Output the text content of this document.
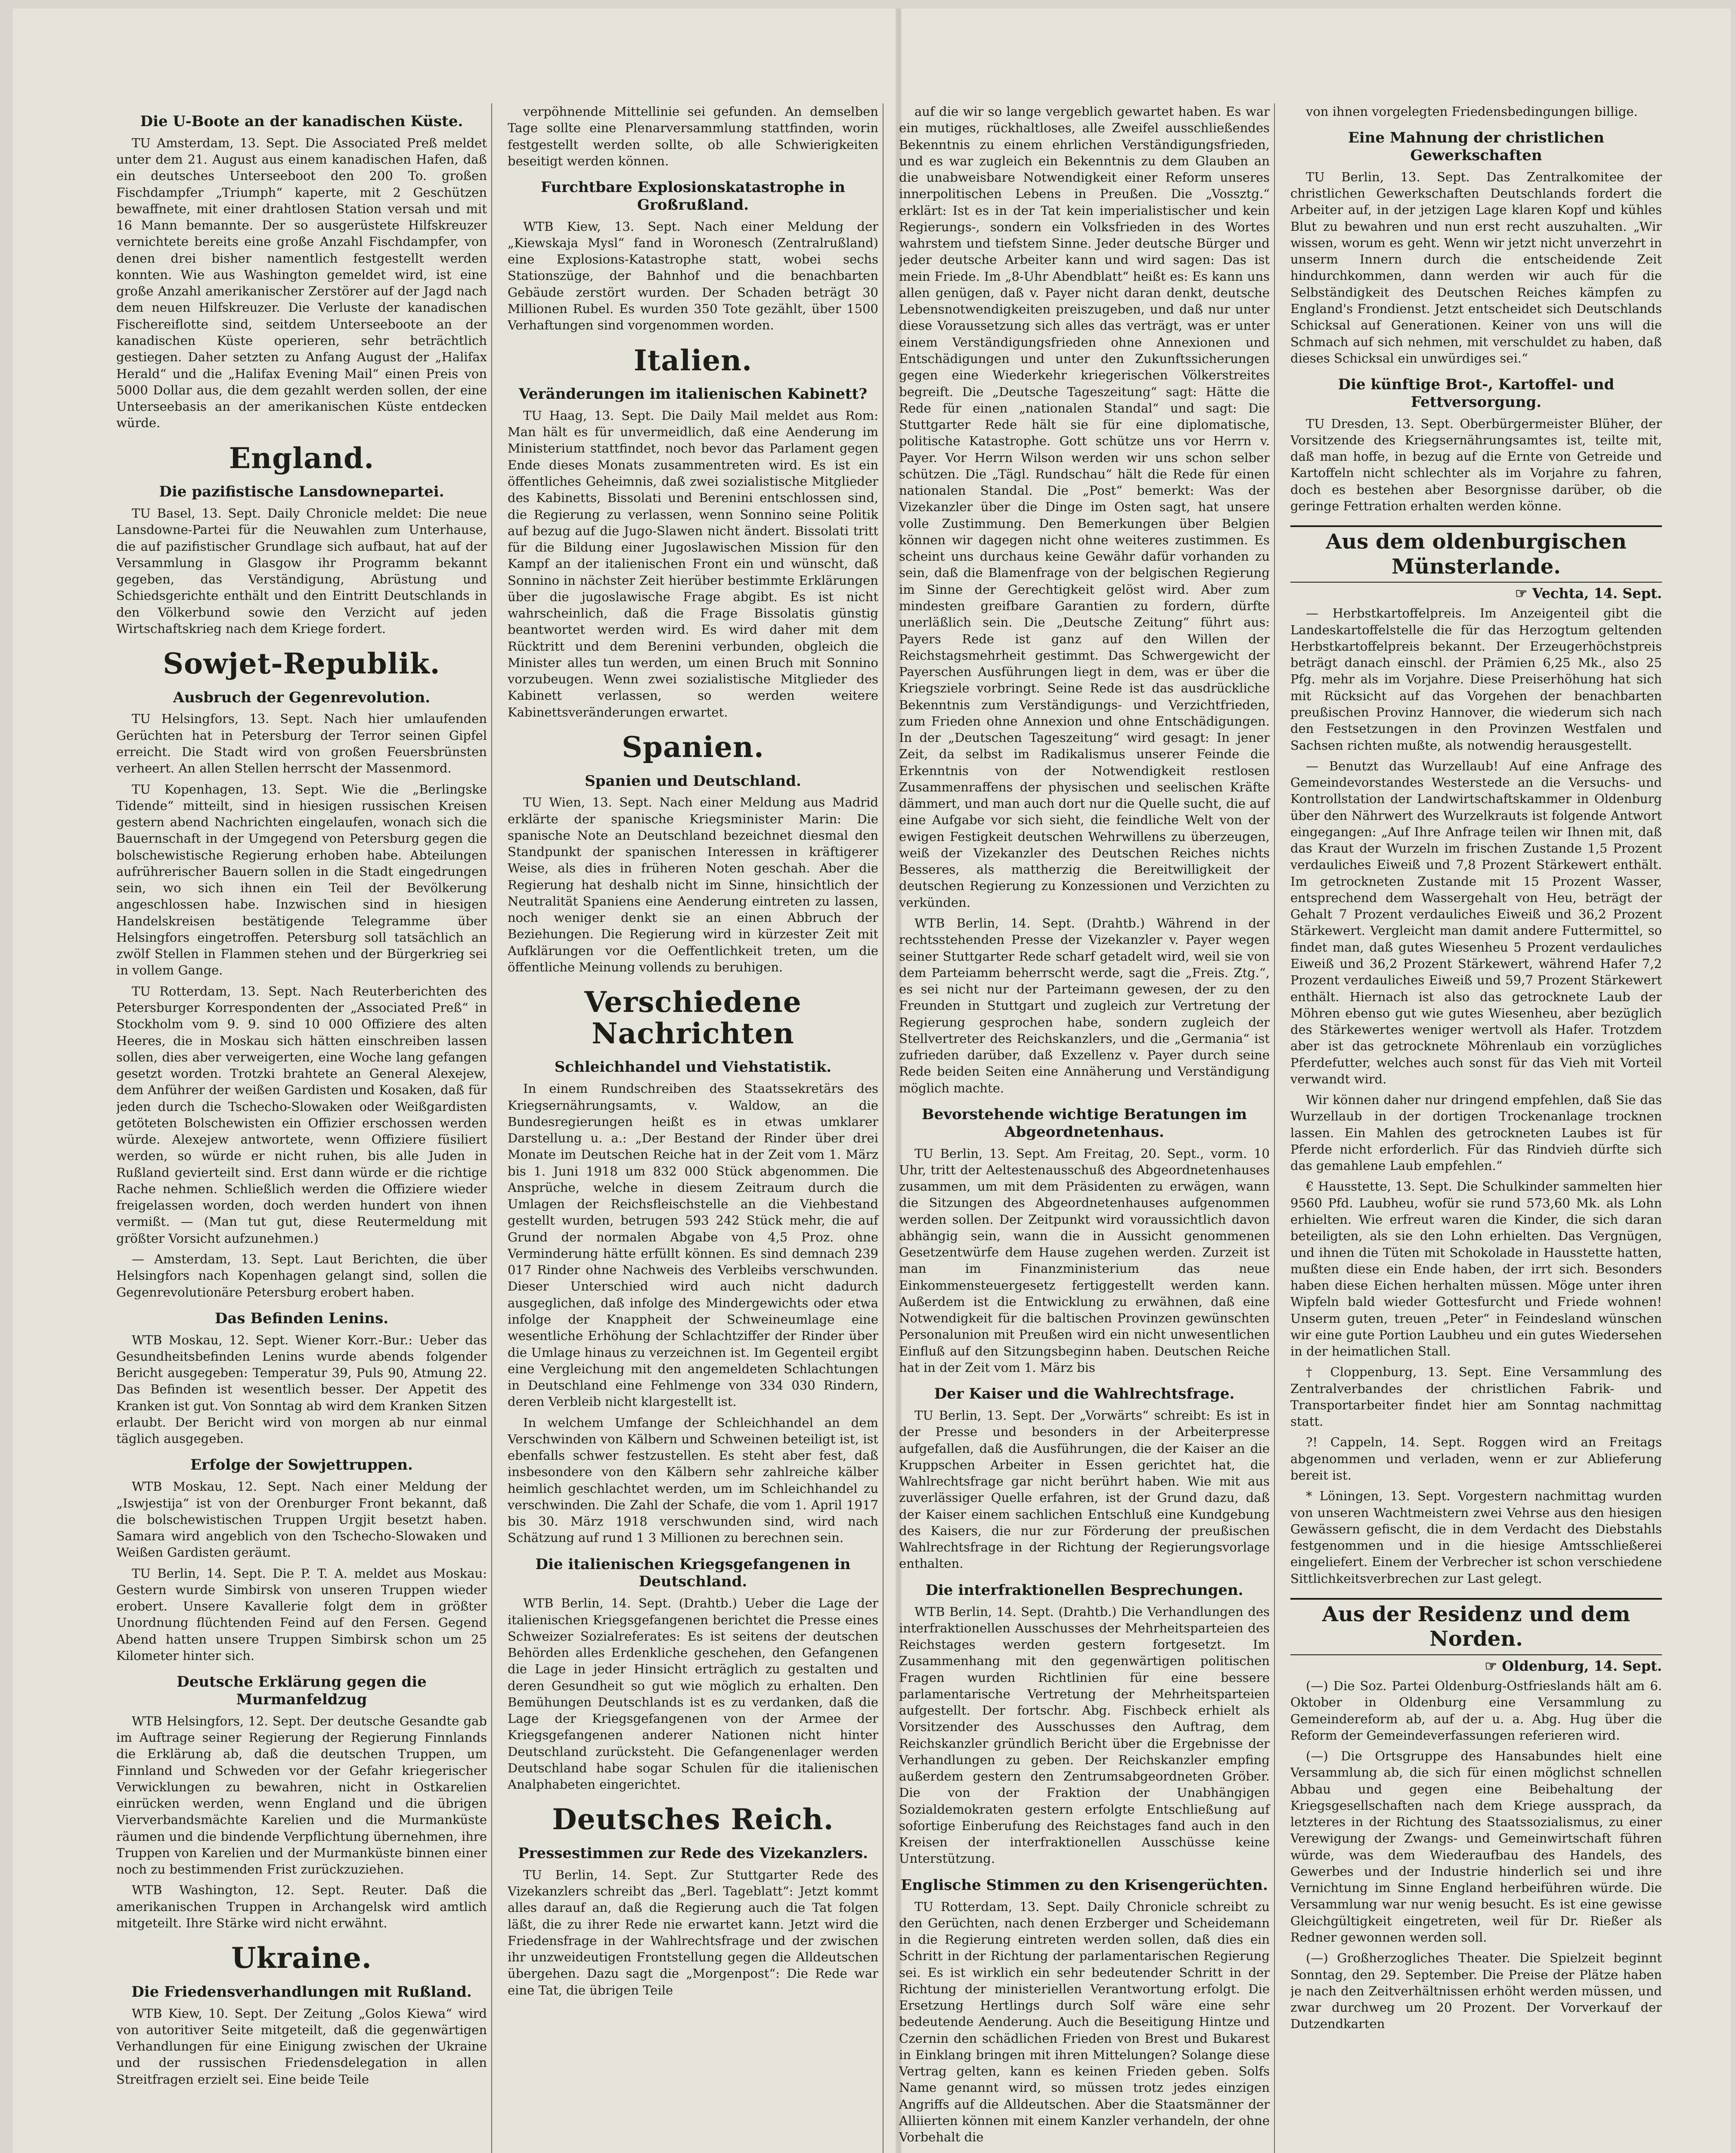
Die U-Boote an der kanadischen Küste.

TU Amsterdam, 13. Sept. Die Associated Preß meldet unter dem 21. August aus einem kanadischen Hafen, daß ein deutsches Unterseeboot den 200 To. großen Fischdampfer „Triumph“ kaperte, mit 2 Geschützen bewaffnete, mit einer drahtlosen Station versah und mit 16 Mann bemannte. Der so ausgerüstete Hilfskreuzer vernichtete bereits eine große Anzahl Fischdampfer, von denen drei bisher namentlich festgestellt werden konnten. Wie aus Washington gemeldet wird, ist eine große Anzahl amerikanischer Zerstörer auf der Jagd nach dem neuen Hilfskreuzer. Die Verluste der kanadischen Fischereiflotte sind, seitdem Unterseeboote an der kanadischen Küste operieren, sehr beträchtlich gestiegen. Daher setzten zu Anfang August der „Halifax Herald“ und die „Halifax Evening Mail“ einen Preis von 5000 Dollar aus, die dem gezahlt werden sollen, der eine Unterseebasis an der amerikanischen Küste entdecken würde.

England.
Die pazifistische Lansdownepartei.

TU Basel, 13. Sept. Daily Chronicle meldet: Die neue Lansdowne-Partei für die Neuwahlen zum Unterhause, die auf pazifistischer Grundlage sich aufbaut, hat auf der Versammlung in Glasgow ihr Programm bekannt gegeben, das Verständigung, Abrüstung und Schiedsgerichte enthält und den Eintritt Deutschlands in den Völkerbund sowie den Verzicht auf jeden Wirtschaftskrieg nach dem Kriege fordert.

Sowjet-Republik.
Ausbruch der Gegenrevolution.

TU Helsingfors, 13. Sept. Nach hier umlaufenden Gerüchten hat in Petersburg der Terror seinen Gipfel erreicht. Die Stadt wird von großen Feuersbrünsten verheert. An allen Stellen herrscht der Massenmord.

TU Kopenhagen, 13. Sept. Wie die „Berlingske Tidende“ mitteilt, sind in hiesigen russischen Kreisen gestern abend Nachrichten eingelaufen, wonach sich die Bauernschaft in der Umgegend von Petersburg gegen die bolschewistische Regierung erhoben habe. Abteilungen aufrührerischer Bauern sollen in die Stadt eingedrungen sein, wo sich ihnen ein Teil der Bevölkerung angeschlossen habe. Inzwischen sind in hiesigen Handelskreisen bestätigende Telegramme über Helsingfors eingetroffen. Petersburg soll tatsächlich an zwölf Stellen in Flammen stehen und der Bürgerkrieg sei in vollem Gange.

TU Rotterdam, 13. Sept. Nach Reuterberichten des Petersburger Korrespondenten der „Associated Preß“ in Stockholm vom 9. 9. sind 10 000 Offiziere des alten Heeres, die in Moskau sich hätten einschreiben lassen sollen, dies aber verweigerten, eine Woche lang gefangen gesetzt worden. Trotzki brahtete an General Alexejew, dem Anführer der weißen Gardisten und Kosaken, daß für jeden durch die Tschecho-Slowaken oder Weißgardisten getöteten Bolschewisten ein Offizier erschossen werden würde. Alexejew antwortete, wenn Offiziere füsiliert werden, so würde er nicht ruhen, bis alle Juden in Rußland gevierteilt sind. Erst dann würde er die richtige Rache nehmen. Schließlich werden die Offiziere wieder freigelassen worden, doch werden hundert von ihnen vermißt. — (Man tut gut, diese Reutermeldung mit größter Vorsicht aufzunehmen.)

— Amsterdam, 13. Sept. Laut Berichten, die über Helsingfors nach Kopenhagen gelangt sind, sollen die Gegenrevolutionäre Petersburg erobert haben.

Das Befinden Lenins.

WTB Moskau, 12. Sept. Wiener Korr.-Bur.: Ueber das Gesundheitsbefinden Lenins wurde abends folgender Bericht ausgegeben: Temperatur 39, Puls 90, Atmung 22. Das Befinden ist wesentlich besser. Der Appetit des Kranken ist gut. Von Sonntag ab wird dem Kranken Sitzen erlaubt. Der Bericht wird von morgen ab nur einmal täglich ausgegeben.

Erfolge der Sowjettruppen.

WTB Moskau, 12. Sept. Nach einer Meldung der „Iswjestija“ ist von der Orenburger Front bekannt, daß die bolschewistischen Truppen Urgjit besetzt haben. Samara wird angeblich von den Tschecho-Slowaken und Weißen Gardisten geräumt.

TU Berlin, 14. Sept. Die P. T. A. meldet aus Moskau: Gestern wurde Simbirsk von unseren Truppen wieder erobert. Unsere Kavallerie folgt dem in größter Unordnung flüchtenden Feind auf den Fersen. Gegend Abend hatten unsere Truppen Simbirsk schon um 25 Kilometer hinter sich.

Deutsche Erklärung gegen die Murmanfeldzug

WTB Helsingfors, 12. Sept. Der deutsche Gesandte gab im Auftrage seiner Regierung der Regierung Finnlands die Erklärung ab, daß die deutschen Truppen, um Finnland und Schweden vor der Gefahr kriegerischer Verwicklungen zu bewahren, nicht in Ostkarelien einrücken werden, wenn England und die übrigen Vierverbandsmächte Karelien und die Murmanküste räumen und die bindende Verpflichtung übernehmen, ihre Truppen von Karelien und der Murmanküste binnen einer noch zu bestimmenden Frist zurückzuziehen.

WTB Washington, 12. Sept. Reuter. Daß die amerikanischen Truppen in Archangelsk wird amtlich mitgeteilt. Ihre Stärke wird nicht erwähnt.

Ukraine.
Die Friedensverhandlungen mit Rußland.

WTB Kiew, 10. Sept. Der Zeitung „Golos Kiewa“ wird von autoritiver Seite mitgeteilt, daß die gegenwärtigen Verhandlungen für eine Einigung zwischen der Ukraine und der russischen Friedensdelegation in allen Streitfragen erzielt sei. Eine beide Teile

verpöhnende Mittellinie sei gefunden. An demselben Tage sollte eine Plenarversammlung stattfinden, worin festgestellt werden sollte, ob alle Schwierigkeiten beseitigt werden können.

Furchtbare Explosionskatastrophe in Großrußland.

WTB Kiew, 13. Sept. Nach einer Meldung der „Kiewskaja Mysl“ fand in Woronesch (Zentralrußland) eine Explosions-Katastrophe statt, wobei sechs Stationszüge, der Bahnhof und die benachbarten Gebäude zerstört wurden. Der Schaden beträgt 30 Millionen Rubel. Es wurden 350 Tote gezählt, über 1500 Verhaftungen sind vorgenommen worden.

Italien.
Veränderungen im italienischen Kabinett?

TU Haag, 13. Sept. Die Daily Mail meldet aus Rom: Man hält es für unvermeidlich, daß eine Aenderung im Ministerium stattfindet, noch bevor das Parlament gegen Ende dieses Monats zusammentreten wird. Es ist ein öffentliches Geheimnis, daß zwei sozialistische Mitglieder des Kabinetts, Bissolati und Berenini entschlossen sind, die Regierung zu verlassen, wenn Sonnino seine Politik auf bezug auf die Jugo-Slawen nicht ändert. Bissolati tritt für die Bildung einer Jugoslawischen Mission für den Kampf an der italienischen Front ein und wünscht, daß Sonnino in nächster Zeit hierüber bestimmte Erklärungen über die jugoslawische Frage abgibt. Es ist nicht wahrscheinlich, daß die Frage Bissolatis günstig beantwortet werden wird. Es wird daher mit dem Rücktritt und dem Berenini verbunden, obgleich die Minister alles tun werden, um einen Bruch mit Sonnino vorzubeugen. Wenn zwei sozialistische Mitglieder des Kabinett verlassen, so werden weitere Kabinettsveränderungen erwartet.

Spanien.
Spanien und Deutschland.

TU Wien, 13. Sept. Nach einer Meldung aus Madrid erklärte der spanische Kriegsminister Marin: Die spanische Note an Deutschland bezeichnet diesmal den Standpunkt der spanischen Interessen in kräftigerer Weise, als dies in früheren Noten geschah. Aber die Regierung hat deshalb nicht im Sinne, hinsichtlich der Neutralität Spaniens eine Aenderung eintreten zu lassen, noch weniger denkt sie an einen Abbruch der Beziehungen. Die Regierung wird in kürzester Zeit mit Aufklärungen vor die Oeffentlichkeit treten, um die öffentliche Meinung vollends zu beruhigen.

Verschiedene Nachrichten
Schleichhandel und Viehstatistik.

In einem Rundschreiben des Staatssekretärs des Kriegsernährungsamts, v. Waldow, an die Bundesregierungen heißt es in etwas umklarer Darstellung u. a.: „Der Bestand der Rinder über drei Monate im Deutschen Reiche hat in der Zeit vom 1. März bis 1. Juni 1918 um 832 000 Stück abgenommen. Die Ansprüche, welche in diesem Zeitraum durch die Umlagen der Reichsfleischstelle an die Viehbestand gestellt wurden, betrugen 593 242 Stück mehr, die auf Grund der normalen Abgabe von 4,5 Proz. ohne Verminderung hätte erfüllt können. Es sind demnach 239 017 Rinder ohne Nachweis des Verbleibs verschwunden. Dieser Unterschied wird auch nicht dadurch ausgeglichen, daß infolge des Mindergewichts oder etwa infolge der Knappheit der Schweineumlage eine wesentliche Erhöhung der Schlachtziffer der Rinder über die Umlage hinaus zu verzeichnen ist. Im Gegenteil ergibt eine Vergleichung mit den angemeldeten Schlachtungen in Deutschland eine Fehlmenge von 334 030 Rindern, deren Verbleib nicht klargestellt ist.

In welchem Umfange der Schleichhandel an dem Verschwinden von Kälbern und Schweinen beteiligt ist, ist ebenfalls schwer festzustellen. Es steht aber fest, daß insbesondere von den Kälbern sehr zahlreiche kälber heimlich geschlachtet werden, um im Schleichhandel zu verschwinden. Die Zahl der Schafe, die vom 1. April 1917 bis 30. März 1918 verschwunden sind, wird nach Schätzung auf rund 1 3 Millionen zu berechnen sein.

Die italienischen Kriegsgefangenen in Deutschland.

WTB Berlin, 14. Sept. (Drahtb.) Ueber die Lage der italienischen Kriegsgefangenen berichtet die Presse eines Schweizer Sozialreferates: Es ist seitens der deutschen Behörden alles Erdenkliche geschehen, den Gefangenen die Lage in jeder Hinsicht erträglich zu gestalten und deren Gesundheit so gut wie möglich zu erhalten. Den Bemühungen Deutschlands ist es zu verdanken, daß die Lage der Kriegsgefangenen von der Armee der Kriegsgefangenen anderer Nationen nicht hinter Deutschland zurücksteht. Die Gefangenenlager werden Deutschland habe sogar Schulen für die italienischen Analphabeten eingerichtet.

Deutsches Reich.
Pressestimmen zur Rede des Vizekanzlers.

TU Berlin, 14. Sept. Zur Stuttgarter Rede des Vizekanzlers schreibt das „Berl. Tageblatt“: Jetzt kommt alles darauf an, daß die Regierung auch die Tat folgen läßt, die zu ihrer Rede nie erwartet kann. Jetzt wird die Friedensfrage in der Wahlrechtsfrage und der zwischen ihr unzweideutigen Frontstellung gegen die Alldeutschen übergehen. Dazu sagt die „Morgenpost“: Die Rede war eine Tat, die übrigen Teile

auf die wir so lange vergeblich gewartet haben. Es war ein mutiges, rückhaltloses, alle Zweifel ausschließendes Bekenntnis zu einem ehrlichen Verständigungsfrieden, und es war zugleich ein Bekenntnis zu dem Glauben an die unabweisbare Notwendigkeit einer Reform unseres innerpolitischen Lebens in Preußen. Die „Vossztg.“ erklärt: Ist es in der Tat kein imperialistischer und kein Regierungs-, sondern ein Volksfrieden in des Wortes wahrstem und tiefstem Sinne. Jeder deutsche Bürger und jeder deutsche Arbeiter kann und wird sagen: Das ist mein Friede. Im „8-Uhr Abendblatt“ heißt es: Es kann uns allen genügen, daß v. Payer nicht daran denkt, deutsche Lebensnotwendigkeiten preiszugeben, und daß nur unter diese Voraussetzung sich alles das verträgt, was er unter einem Verständigungsfrieden ohne Annexionen und Entschädigungen und unter den Zukunftssicherungen gegen eine Wiederkehr kriegerischen Völkerstreites begreift. Die „Deutsche Tageszeitung“ sagt: Hätte die Rede für einen „nationalen Standal“ und sagt: Die Stuttgarter Rede hält sie für eine diplomatische, politische Katastrophe. Gott schütze uns vor Herrn v. Payer. Vor Herrn Wilson werden wir uns schon selber schützen. Die „Tägl. Rundschau“ hält die Rede für einen nationalen Standal. Die „Post“ bemerkt: Was der Vizekanzler über die Dinge im Osten sagt, hat unsere volle Zustimmung. Den Bemerkungen über Belgien können wir dagegen nicht ohne weiteres zustimmen. Es scheint uns durchaus keine Gewähr dafür vorhanden zu sein, daß die Blamenfrage von der belgischen Regierung im Sinne der Gerechtigkeit gelöst wird. Aber zum mindesten greifbare Garantien zu fordern, dürfte unerläßlich sein. Die „Deutsche Zeitung“ führt aus: Payers Rede ist ganz auf den Willen der Reichstagsmehrheit gestimmt. Das Schwergewicht der Payerschen Ausführungen liegt in dem, was er über die Kriegsziele vorbringt. Seine Rede ist das ausdrückliche Bekenntnis zum Verständigungs- und Verzichtfrieden, zum Frieden ohne Annexion und ohne Entschädigungen. In der „Deutschen Tageszeitung“ wird gesagt: In jener Zeit, da selbst im Radikalismus unserer Feinde die Erkenntnis von der Notwendigkeit restlosen Zusammenraffens der physischen und seelischen Kräfte dämmert, und man auch dort nur die Quelle sucht, die auf eine Aufgabe vor sich sieht, die feindliche Welt von der ewigen Festigkeit deutschen Wehrwillens zu überzeugen, weiß der Vizekanzler des Deutschen Reiches nichts Besseres, als mattherzig die Bereitwilligkeit der deutschen Regierung zu Konzessionen und Verzichten zu verkünden.

WTB Berlin, 14. Sept. (Drahtb.) Während in der rechtsstehenden Presse der Vizekanzler v. Payer wegen seiner Stuttgarter Rede scharf getadelt wird, weil sie von dem Parteiamm beherrscht werde, sagt die „Freis. Ztg.“, es sei nicht nur der Parteimann gewesen, der zu den Freunden in Stuttgart und zugleich zur Vertretung der Regierung gesprochen habe, sondern zugleich der Stellvertreter des Reichskanzlers, und die „Germania“ ist zufrieden darüber, daß Exzellenz v. Payer durch seine Rede beiden Seiten eine Annäherung und Verständigung möglich machte.

Bevorstehende wichtige Beratungen im Abgeordnetenhaus.

TU Berlin, 13. Sept. Am Freitag, 20. Sept., vorm. 10 Uhr, tritt der Aeltestenausschuß des Abgeordnetenhauses zusammen, um mit dem Präsidenten zu erwägen, wann die Sitzungen des Abgeordnetenhauses aufgenommen werden sollen. Der Zeitpunkt wird voraussichtlich davon abhängig sein, wann die in Aussicht genommenen Gesetzentwürfe dem Hause zugehen werden. Zurzeit ist man im Finanzministerium das neue Einkommensteuergesetz fertiggestellt werden kann. Außerdem ist die Entwicklung zu erwähnen, daß eine Notwendigkeit für die baltischen Provinzen gewünschten Personalunion mit Preußen wird ein nicht unwesentlichen Einfluß auf den Sitzungsbeginn haben. Deutschen Reiche hat in der Zeit vom 1. März bis

Der Kaiser und die Wahlrechtsfrage.

TU Berlin, 13. Sept. Der „Vorwärts“ schreibt: Es ist in der Presse und besonders in der Arbeiterpresse aufgefallen, daß die Ausführungen, die der Kaiser an die Kruppschen Arbeiter in Essen gerichtet hat, die Wahlrechtsfrage gar nicht berührt haben. Wie mit aus zuverlässiger Quelle erfahren, ist der Grund dazu, daß der Kaiser einem sachlichen Entschluß eine Kundgebung des Kaisers, die nur zur Förderung der preußischen Wahlrechtsfrage in der Richtung der Regierungsvorlage enthalten.

Die interfraktionellen Besprechungen.

WTB Berlin, 14. Sept. (Drahtb.) Die Verhandlungen des interfraktionellen Ausschusses der Mehrheitsparteien des Reichstages werden gestern fortgesetzt. Im Zusammenhang mit den gegenwärtigen politischen Fragen wurden Richtlinien für eine bessere parlamentarische Vertretung der Mehrheitsparteien aufgestellt. Der fortschr. Abg. Fischbeck erhielt als Vorsitzender des Ausschusses den Auftrag, dem Reichskanzler gründlich Bericht über die Ergebnisse der Verhandlungen zu geben. Der Reichskanzler empfing außerdem gestern den Zentrumsabgeordneten Gröber. Die von der Fraktion der Unabhängigen Sozialdemokraten gestern erfolgte Entschließung auf sofortige Einberufung des Reichstages fand auch in den Kreisen der interfraktionellen Ausschüsse keine Unterstützung.

Englische Stimmen zu den Krisengerüchten.

TU Rotterdam, 13. Sept. Daily Chronicle schreibt zu den Gerüchten, nach denen Erzberger und Scheidemann in die Regierung eintreten werden sollen, daß dies ein Schritt in der Richtung der parlamentarischen Regierung sei. Es ist wirklich ein sehr bedeutender Schritt in der Richtung der ministeriellen Verantwortung erfolgt. Die Ersetzung Hertlings durch Solf wäre eine sehr bedeutende Aenderung. Auch die Beseitigung Hintze und Czernin den schädlichen Frieden von Brest und Bukarest in Einklang bringen mit ihren Mittelungen? Solange diese Vertrag gelten, kann es keinen Frieden geben. Solfs Name genannt wird, so müssen trotz jedes einzigen Angriffs auf die Alldeutschen. Aber die Staatsmänner der Alliierten können mit einem Kanzler verhandeln, der ohne Vorbehalt die

von ihnen vorgelegten Friedensbedingungen billige.

Eine Mahnung der christlichen Gewerkschaften

TU Berlin, 13. Sept. Das Zentralkomitee der christlichen Gewerkschaften Deutschlands fordert die Arbeiter auf, in der jetzigen Lage klaren Kopf und kühles Blut zu bewahren und nun erst recht auszuhalten. „Wir wissen, worum es geht. Wenn wir jetzt nicht unverzehrt in unserm Innern durch die entscheidende Zeit hindurchkommen, dann werden wir auch für die Selbständigkeit des Deutschen Reiches kämpfen zu England's Frondienst. Jetzt entscheidet sich Deutschlands Schicksal auf Generationen. Keiner von uns will die Schmach auf sich nehmen, mit verschuldet zu haben, daß dieses Schicksal ein unwürdiges sei.“

Die künftige Brot-, Kartoffel- und Fettversorgung.

TU Dresden, 13. Sept. Oberbürgermeister Blüher, der Vorsitzende des Kriegsernährungsamtes ist, teilte mit, daß man hoffe, in bezug auf die Ernte von Getreide und Kartoffeln nicht schlechter als im Vorjahre zu fahren, doch es bestehen aber Besorgnisse darüber, ob die geringe Fettration erhalten werden könne.

Aus dem oldenburgischen Münsterlande.
☞ Vechta, 14. Sept.

— Herbstkartoffelpreis. Im Anzeigenteil gibt die Landeskartoffelstelle die für das Herzogtum geltenden Herbstkartoffelpreis bekannt. Der Erzeugerhöchstpreis beträgt danach einschl. der Prämien 6,25 Mk., also 25 Pfg. mehr als im Vorjahre. Diese Preiserhöhung hat sich mit Rücksicht auf das Vorgehen der benachbarten preußischen Provinz Hannover, die wiederum sich nach den Festsetzungen in den Provinzen Westfalen und Sachsen richten mußte, als notwendig herausgestellt.

— Benutzt das Wurzellaub! Auf eine Anfrage des Gemeindevorstandes Westerstede an die Versuchs- und Kontrollstation der Landwirtschaftskammer in Oldenburg über den Nährwert des Wurzelkrauts ist folgende Antwort eingegangen: „Auf Ihre Anfrage teilen wir Ihnen mit, daß das Kraut der Wurzeln im frischen Zustande 1,5 Prozent verdauliches Eiweiß und 7,8 Prozent Stärkewert enthält. Im getrockneten Zustande mit 15 Prozent Wasser, entsprechend dem Wassergehalt von Heu, beträgt der Gehalt 7 Prozent verdauliches Eiweiß und 36,2 Prozent Stärkewert. Vergleicht man damit andere Futtermittel, so findet man, daß gutes Wiesenheu 5 Prozent verdauliches Eiweiß und 36,2 Prozent Stärkewert, während Hafer 7,2 Prozent verdauliches Eiweiß und 59,7 Prozent Stärkewert enthält. Hiernach ist also das getrocknete Laub der Möhren ebenso gut wie gutes Wiesenheu, aber bezüglich des Stärkewertes weniger wertvoll als Hafer. Trotzdem aber ist das getrocknete Möhrenlaub ein vorzügliches Pferdefutter, welches auch sonst für das Vieh mit Vorteil verwandt wird.

Wir können daher nur dringend empfehlen, daß Sie das Wurzellaub in der dortigen Trockenanlage trocknen lassen. Ein Mahlen des getrockneten Laubes ist für Pferde nicht erforderlich. Für das Rindvieh dürfte sich das gemahlene Laub empfehlen.“

€ Hausstette, 13. Sept. Die Schulkinder sammelten hier 9560 Pfd. Laubheu, wofür sie rund 573,60 Mk. als Lohn erhielten. Wie erfreut waren die Kinder, die sich daran beteiligten, als sie den Lohn erhielten. Das Vergnügen, und ihnen die Tüten mit Schokolade in Hausstette hatten, mußten diese ein Ende haben, der irrt sich. Besonders haben diese Eichen herhalten müssen. Möge unter ihren Wipfeln bald wieder Gottesfurcht und Friede wohnen! Unserm guten, treuen „Peter“ in Feindesland wünschen wir eine gute Portion Laubheu und ein gutes Wiedersehen in der heimatlichen Stall.

† Cloppenburg, 13. Sept. Eine Versammlung des Zentralverbandes der christlichen Fabrik- und Transportarbeiter findet hier am Sonntag nachmittag statt.

?! Cappeln, 14. Sept. Roggen wird an Freitags abgenommen und verladen, wenn er zur Ablieferung bereit ist.

* Löningen, 13. Sept. Vorgestern nachmittag wurden von unseren Wachtmeistern zwei Vehrse aus den hiesigen Gewässern gefischt, die in dem Verdacht des Diebstahls festgenommen und in die hiesige Amtsschließerei eingeliefert. Einem der Verbrecher ist schon verschiedene Sittlichkeitsverbrechen zur Last gelegt.

Aus der Residenz und dem Norden.
☞ Oldenburg, 14. Sept.

(—) Die Soz. Partei Oldenburg-Ostfrieslands hält am 6. Oktober in Oldenburg eine Versammlung zu Gemeindereform ab, auf der u. a. Abg. Hug über die Reform der Gemeindeverfassungen referieren wird.

(—) Die Ortsgruppe des Hansabundes hielt eine Versammlung ab, die sich für einen möglichst schnellen Abbau und gegen eine Beibehaltung der Kriegsgesellschaften nach dem Kriege aussprach, da letzteres in der Richtung des Staatssozialismus, zu einer Verewigung der Zwangs- und Gemeinwirtschaft führen würde, was dem Wiederaufbau des Handels, des Gewerbes und der Industrie hinderlich sei und ihre Vernichtung im Sinne England herbeiführen würde. Die Versammlung war nur wenig besucht. Es ist eine gewisse Gleichgültigkeit eingetreten, weil für Dr. Rießer als Redner gewonnen werden soll.

(—) Großherzogliches Theater. Die Spielzeit beginnt Sonntag, den 29. September. Die Preise der Plätze haben je nach den Zeitverhältnissen erhöht werden müssen, und zwar durchweg um 20 Prozent. Der Vorverkauf der Dutzendkarten
